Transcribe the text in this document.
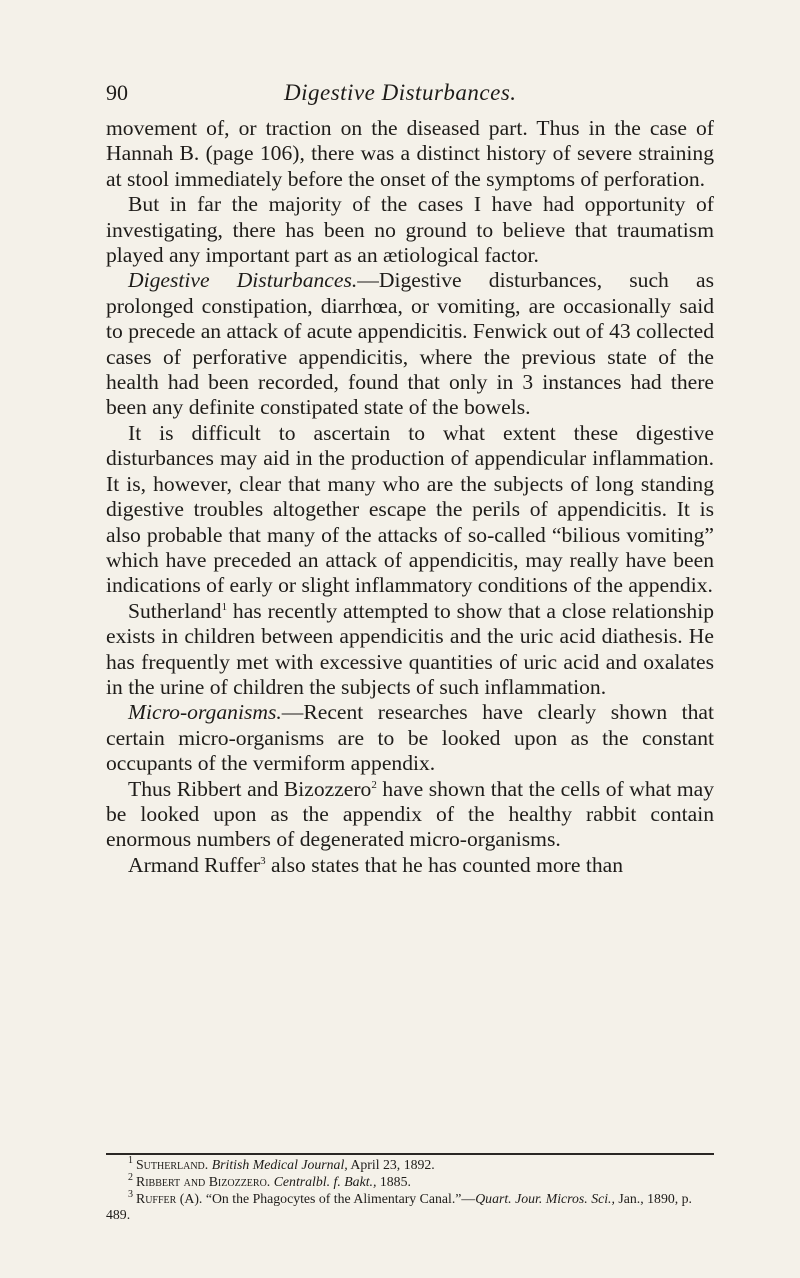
90	Digestive Disturbances.

movement of, or traction on the diseased part. Thus in the case of Hannah B. (page 106), there was a distinct history of severe straining at stool immediately before the onset of the symptoms of perforation.

But in far the majority of the cases I have had opportunity of investigating, there has been no ground to believe that traumatism played any important part as an ætiological factor.

Digestive Disturbances.—Digestive disturbances, such as prolonged constipation, diarrhœa, or vomiting, are occasionally said to precede an attack of acute appendicitis. Fenwick out of 43 collected cases of perforative appendicitis, where the previous state of the health had been recorded, found that only in 3 instances had there been any definite constipated state of the bowels.

It is difficult to ascertain to what extent these digestive disturbances may aid in the production of appendicular inflammation. It is, however, clear that many who are the subjects of long standing digestive troubles altogether escape the perils of appendicitis. It is also probable that many of the attacks of so-called “bilious vomiting” which have preceded an attack of appendicitis, may really have been indications of early or slight inflammatory conditions of the appendix.

Sutherland$^1$ has recently attempted to show that a close relationship exists in children between appendicitis and the uric acid diathesis. He has frequently met with excessive quantities of uric acid and oxalates in the urine of children the subjects of such inflammation.

Micro-organisms.—Recent researches have clearly shown that certain micro-organisms are to be looked upon as the constant occupants of the vermiform appendix.

Thus Ribbert and Bizozzero$^2$ have shown that the cells of what may be looked upon as the appendix of the healthy rabbit contain enormous numbers of degenerated micro-organisms.

Armand Ruffer$^3$ also states that he has counted more than

$^1$ Sutherland. British Medical Journal, April 23, 1892.

$^2$ Ribbert and Bizozzero. Centralbl. f. Bakt., 1885.

$^3$ Ruffer (A). “On the Phagocytes of the Alimentary Canal.”—Quart. Jour. Micros. Sci., Jan., 1890, p. 489.
